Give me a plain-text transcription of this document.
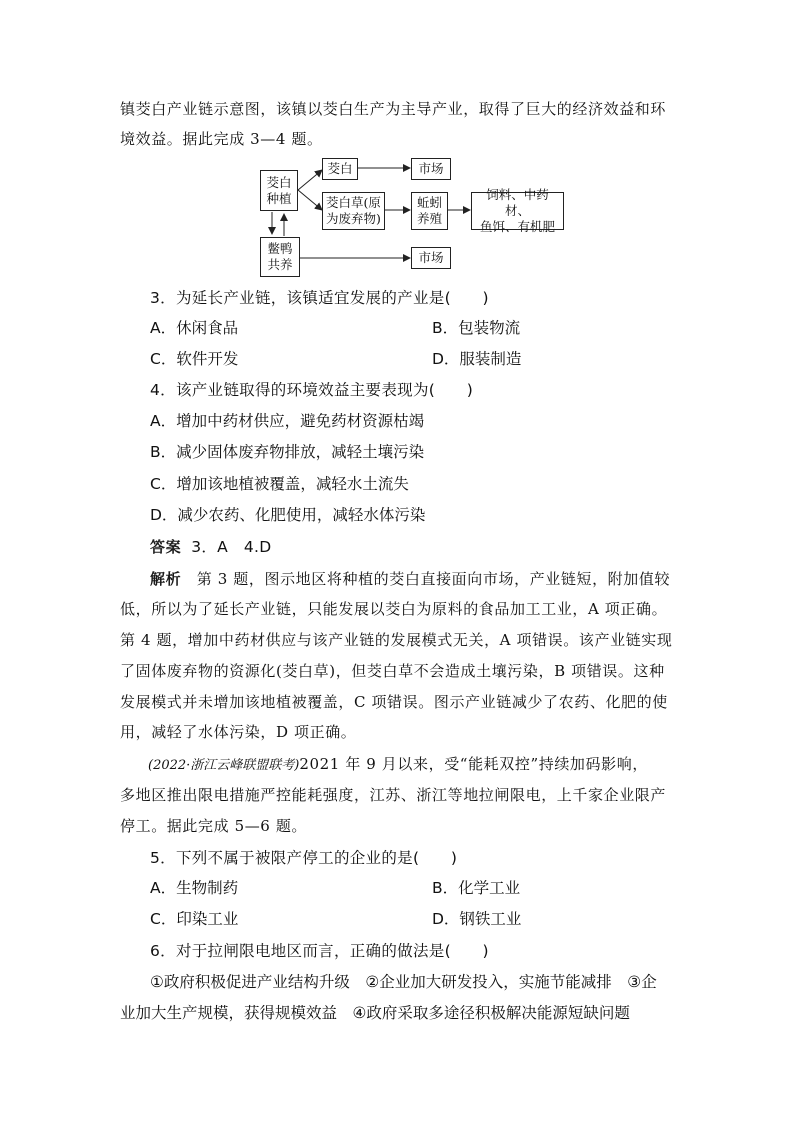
镇茭白产业链示意图，该镇以茭白生产为主导产业，取得了巨大的经济效益和环
境效益。据此完成 3—4 题。
茭白
种植
茭白	市场
茭白草(原
为废弃物)
蚯蚓
养殖
饲料、中药材、
鱼饵、有机肥
鳖鸭
共养	市场
3．为延长产业链，该镇适宜发展的产业是(　　)
A．休闲食品	B．包装物流
C．软件开发	D．服装制造
4．该产业链取得的环境效益主要表现为(　　)
A．增加中药材供应，避免药材资源枯竭
B．减少固体废弃物排放，减轻土壤污染
C．增加该地植被覆盖，减轻水土流失
D．减少农药、化肥使用，减轻水体污染
答案 3．A　4.D
解析　第 3 题，图示地区将种植的茭白直接面向市场，产业链短，附加值较
低，所以为了延长产业链，只能发展以茭白为原料的食品加工工业，A 项正确。
第 4 题，增加中药材供应与该产业链的发展模式无关，A 项错误。该产业链实现
了固体废弃物的资源化(茭白草)，但茭白草不会造成土壤污染，B 项错误。这种
发展模式并未增加该地植被覆盖，C 项错误。图示产业链减少了农药、化肥的使
用，减轻了水体污染，D 项正确。
(2022·浙江云峰联盟联考)2021 年 9 月以来，受“能耗双控”持续加码影响，
多地区推出限电措施严控能耗强度，江苏、浙江等地拉闸限电，上千家企业限产
停工。据此完成 5—6 题。
5．下列不属于被限产停工的企业的是(　　)
A．生物制药	B．化学工业
C．印染工业	D．钢铁工业
6．对于拉闸限电地区而言，正确的做法是(　　)
①政府积极促进产业结构升级　②企业加大研发投入，实施节能减排　③企
业加大生产规模，获得规模效益　④政府采取多途径积极解决能源短缺问题
